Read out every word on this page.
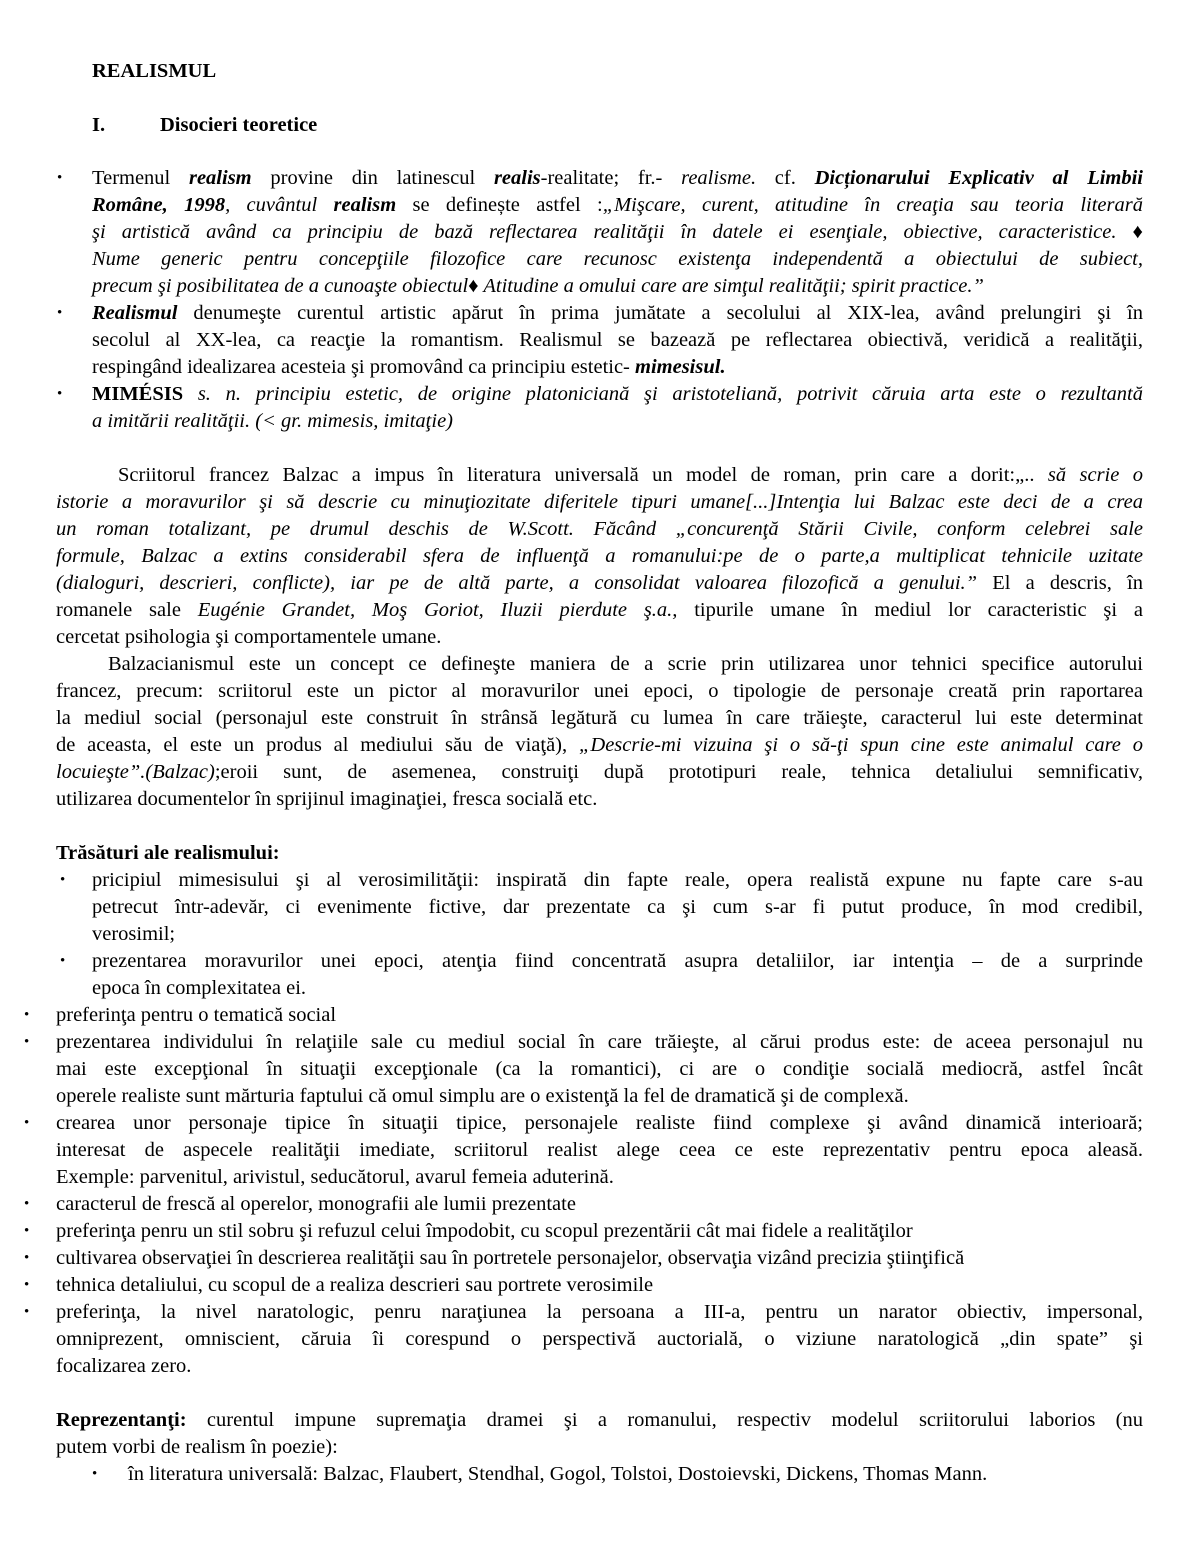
REALISMUL
I.	Disocieri teoretice
• Termenul realism provine din latinescul realis-realitate; fr.- realisme. cf. Dicționarului Explicativ al Limbii
Române, 1998, cuvântul realism se definește astfel :„Mişcare, curent, atitudine în creaţia sau teoria literară
şi artistică având ca principiu de bază reflectarea realităţii în datele ei esenţiale, obiective, caracteristice. ♦
Nume generic pentru concepţiile filozofice care recunosc existenţa independentă a obiectului de subiect,
precum şi posibilitatea de a cunoaşte obiectul♦ Atitudine a omului care are simţul realităţii; spirit practice.”
• Realismul denumeşte curentul artistic apărut în prima jumătate a secolului al XIX-lea, având prelungiri şi în
secolul al XX-lea, ca reacţie la romantism. Realismul se bazează pe reflectarea obiectivă, veridică a realităţii,
respingând idealizarea acesteia şi promovând ca principiu estetic- mimesisul.
• MIMÉSIS s. n. principiu estetic, de origine platoniciană şi aristoteliană, potrivit căruia arta este o rezultantă
a imitării realităţii. (< gr. mimesis, imitaţie)
Scriitorul francez Balzac a impus în literatura universală un model de roman, prin care a dorit:„.. să scrie o
istorie a moravurilor şi să descrie cu minuţiozitate diferitele tipuri umane[...]Intenţia lui Balzac este deci de a crea
un roman totalizant, pe drumul deschis de W.Scott. Făcând „concurenţă Stării Civile, conform celebrei sale
formule, Balzac a extins considerabil sfera de influenţă a romanului:pe de o parte,a multiplicat tehnicile uzitate
(dialoguri, descrieri, conflicte), iar pe de altă parte, a consolidat valoarea filozofică a genului.” El a descris, în
romanele sale Eugénie Grandet, Moş Goriot, Iluzii pierdute ş.a., tipurile umane în mediul lor caracteristic şi a
cercetat psihologia şi comportamentele umane.
Balzacianismul este un concept ce defineşte maniera de a scrie prin utilizarea unor tehnici specifice autorului
francez, precum: scriitorul este un pictor al moravurilor unei epoci, o tipologie de personaje creată prin raportarea
la mediul social (personajul este construit în strânsă legătură cu lumea în care trăieşte, caracterul lui este determinat
de aceasta, el este un produs al mediului său de viaţă), „Descrie-mi vizuina şi o să-ţi spun cine este animalul care o
locuieşte”.(Balzac);eroii sunt, de asemenea, construiţi după prototipuri reale, tehnica detaliului semnificativ,
utilizarea documentelor în sprijinul imaginaţiei, fresca socială etc.
Trăsături ale realismului:
• pricipiul mimesisului şi al verosimilităţii: inspirată din fapte reale, opera realistă expune nu fapte care s-au
petrecut într-adevăr, ci evenimente fictive, dar prezentate ca şi cum s-ar fi putut produce, în mod credibil,
verosimil;
• prezentarea moravurilor unei epoci, atenţia fiind concentrată asupra detaliilor, iar intenţia – de a surprinde
epoca în complexitatea ei.
• preferinţa pentru o tematică social
• prezentarea individului în relaţiile sale cu mediul social în care trăieşte, al cărui produs este: de aceea personajul nu
mai este excepţional în situaţii excepţionale (ca la romantici), ci are o condiţie socială mediocră, astfel încât
operele realiste sunt mărturia faptului că omul simplu are o existenţă la fel de dramatică şi de complexă.
• crearea unor personaje tipice în situaţii tipice, personajele realiste fiind complexe şi având dinamică interioară;
interesat de aspecele realităţii imediate, scriitorul realist alege ceea ce este reprezentativ pentru epoca aleasă.
Exemple: parvenitul, arivistul, seducătorul, avarul femeia aduterină.
• caracterul de frescă al operelor, monografii ale lumii prezentate
• preferinţa penru un stil sobru şi refuzul celui împodobit, cu scopul prezentării cât mai fidele a realităţilor
• cultivarea observaţiei în descrierea realităţii sau în portretele personajelor, observaţia vizând precizia ştiinţifică
• tehnica detaliului, cu scopul de a realiza descrieri sau portrete verosimile
• preferinţa, la nivel naratologic, penru naraţiunea la persoana a III-a, pentru un narator obiectiv, impersonal,
omniprezent, omniscient, căruia îi corespund o perspectivă auctorială, o viziune naratologică „din spate” şi
focalizarea zero.
Reprezentanţi: curentul impune supremaţia dramei şi a romanului, respectiv modelul scriitorului laborios (nu
putem vorbi de realism în poezie):
• în literatura universală: Balzac, Flaubert, Stendhal, Gogol, Tolstoi, Dostoievski, Dickens, Thomas Mann.
